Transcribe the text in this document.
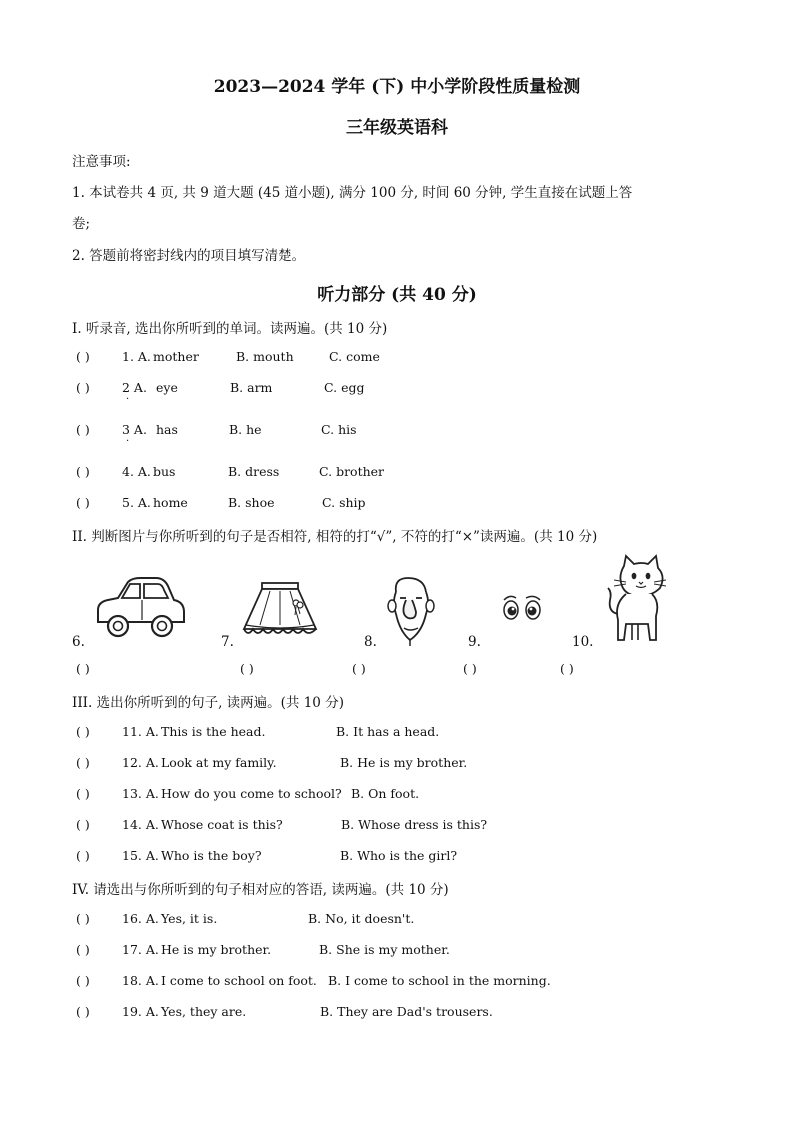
2023—2024 学年 (下) 中小学阶段性质量检测
三年级英语科
注意事项:
1. 本试卷共 4 页, 共 9 道大题 (45 道小题), 满分 100 分, 时间 60 分钟, 学生直接在试题上答
卷;
2. 答题前将密封线内的项目填写清楚。
听力部分 (共 40 分)
I. 听录音, 选出你所听到的单词。读两遍。(共 10 分)
( )	1. A. mother	B. mouth	C. come
( )	2 A. eye	B. arm	C. egg
·
( )	3 A. has	B. he	C. his
·
( )	4. A. bus	B. dress	C. brother
( )	5. A. home	B. shoe	C. ship
II. 判断图片与你所听到的句子是否相符, 相符的打“√”, 不符的打“×”读两遍。(共 10 分)
6.	7.	8.	9.	10.
( )	( )	( )	( )	( )
III. 选出你所听到的句子, 读两遍。(共 10 分)
( )	11. A. This is the head.	B. It has a head.
( )	12. A. Look at my family.	B. He is my brother.
( )	13. A. How do you come to school? B. On foot.
( )	14. A. Whose coat is this?	B. Whose dress is this?
( )	15. A. Who is the boy?	B. Who is the girl?
IV. 请选出与你所听到的句子相对应的答语, 读两遍。(共 10 分)
( )	16. A. Yes, it is.	B. No, it doesn't.
( )	17. A. He is my brother.	B. She is my mother.
( )	18. A. I come to school on foot. B. I come to school in the morning.
( )	19. A. Yes, they are.	B. They are Dad's trousers.
